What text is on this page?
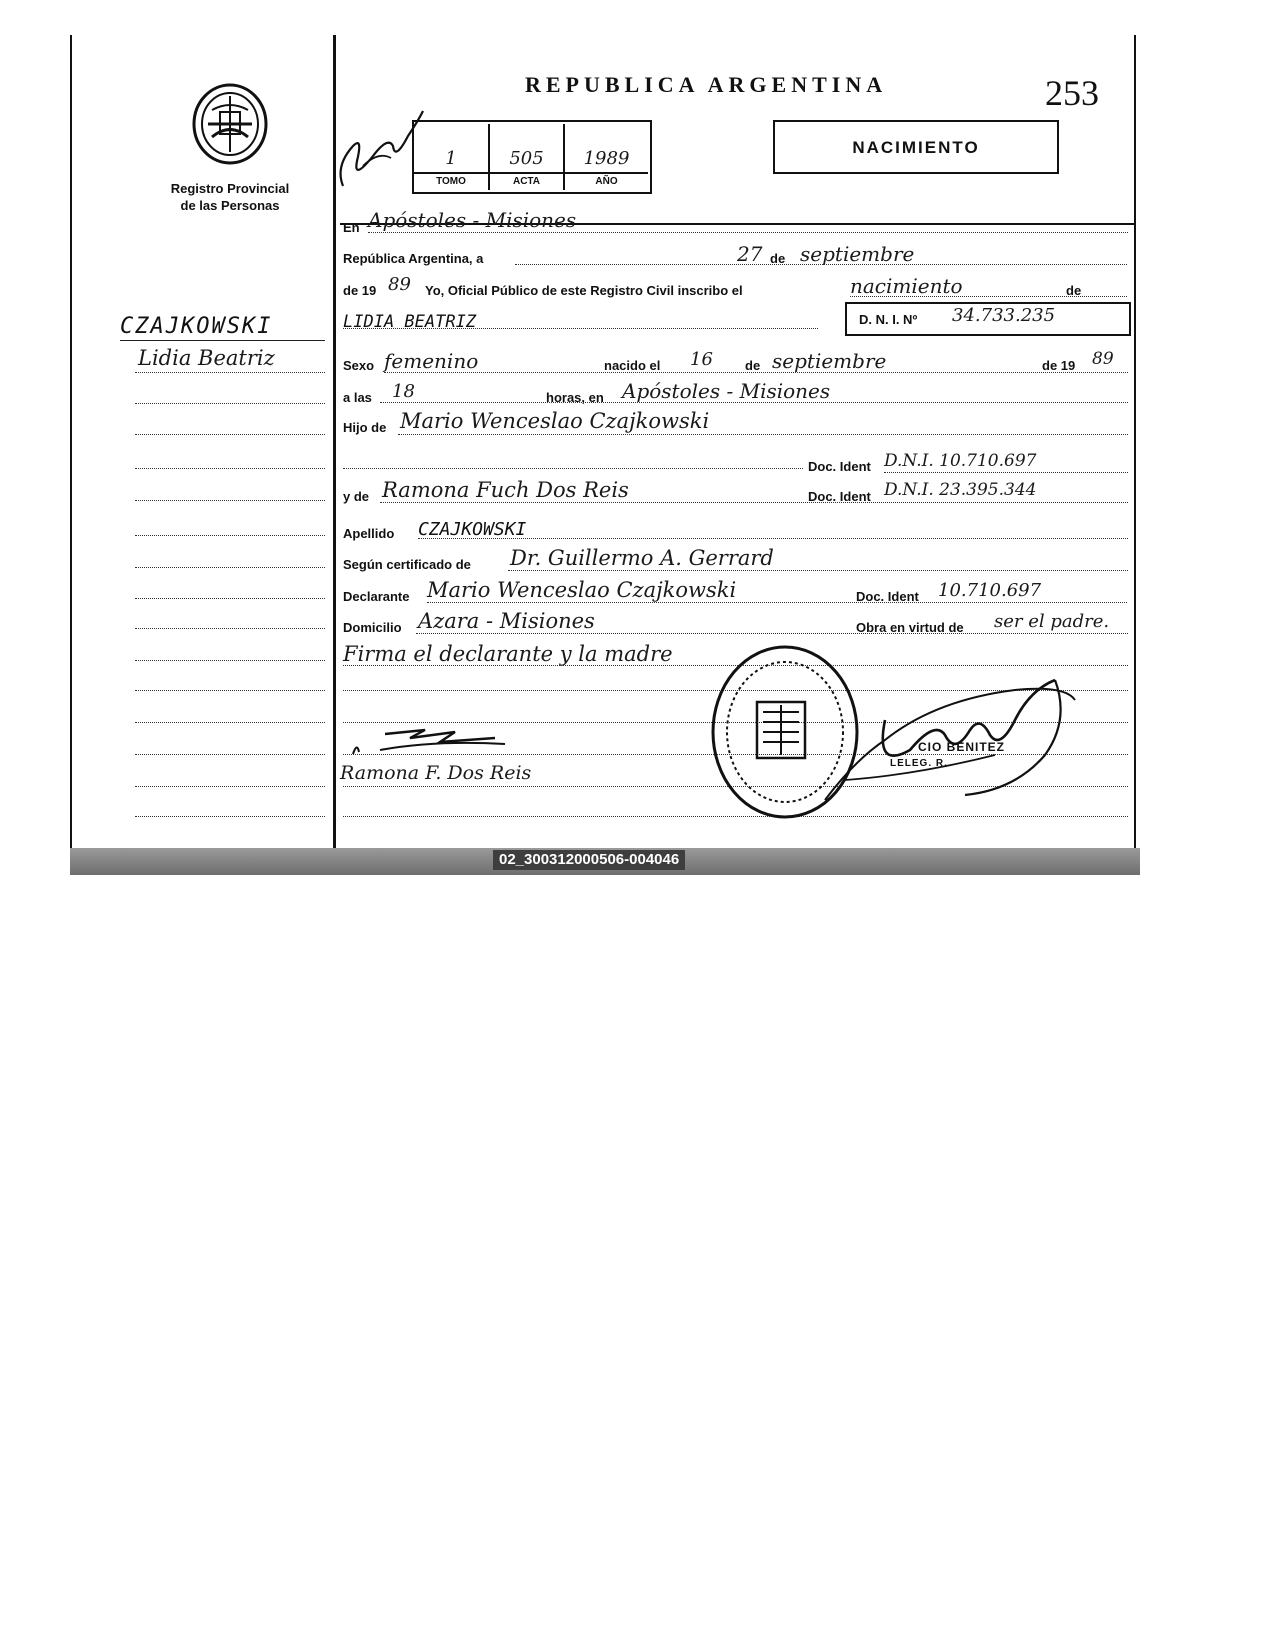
Registro Provincial
de las Personas
CZAJKOWSKI
Lidia Beatriz
REPUBLICA ARGENTINA	253
NACIMIENTO
1	505	1989
TOMO	ACTA	AÑO
En Apóstoles - Misiones
República Argentina, a	27 de septiembre
de 19 89 Yo, Oficial Público de este Registro Civil inscribo el	nacimiento	de
LIDIA BEATRIZ	D. N. I. Nº 34.733.235
Sexo femenino	nacido el 16 de septiembre	de 19 89
a las 18	horas, en Apóstoles - Misiones
Hijo de Mario Wenceslao Czajkowski
Doc. Ident D.N.I. 10.710.697
y de Ramona Fuch Dos Reis	Doc. Ident D.N.I. 23.395.344
Apellido CZAJKOWSKI
Según certificado de Dr. Guillermo A. Gerrard
Declarante Mario Wenceslao Czajkowski	Doc. Ident 10.710.697
Domicilio Azara - Misiones	Obra en virtud de ser el padre.
Firma el declarante y la madre
Ramona F. Dos Reis
CIO BENITEZ
LELEG. R.
02_300312000506-004046
